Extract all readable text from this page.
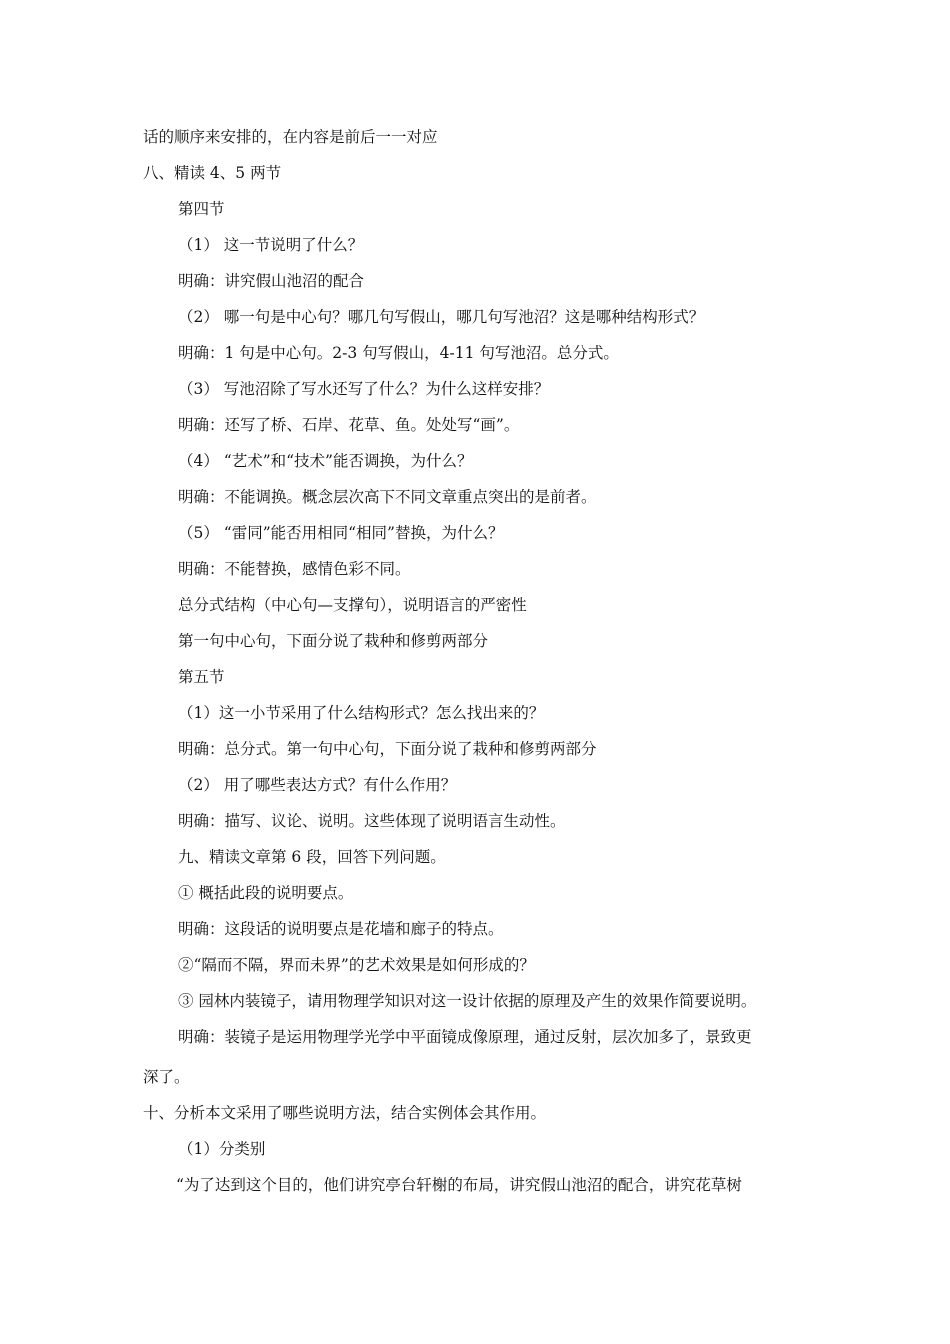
话的顺序来安排的，在内容是前后一一对应
八、精读 4、5 两节
第四节
（1） 这一节说明了什么？
明确：讲究假山池沼的配合
（2） 哪一句是中心句？哪几句写假山，哪几句写池沼？这是哪种结构形式？
明确：1 句是中心句。2-3 句写假山，4-11 句写池沼。总分式。
（3） 写池沼除了写水还写了什么？为什么这样安排？
明确：还写了桥、石岸、花草、鱼。处处写“画”。
（4） “艺术”和“技术”能否调换，为什么？
明确：不能调换。概念层次高下不同文章重点突出的是前者。
（5） “雷同”能否用相同“相同”替换，为什么？
明确：不能替换，感情色彩不同。
总分式结构（中心句—支撑句），说明语言的严密性
第一句中心句，下面分说了栽种和修剪两部分
第五节
（1）这一小节采用了什么结构形式？怎么找出来的？
明确：总分式。第一句中心句，下面分说了栽种和修剪两部分
（2） 用了哪些表达方式？有什么作用？
明确：描写、议论、说明。这些体现了说明语言生动性。
九、精读文章第 6 段，回答下列问题。
① 概括此段的说明要点。
明确：这段话的说明要点是花墙和廊子的特点。
②“隔而不隔，界而未界”的艺术效果是如何形成的？
③ 园林内装镜子，请用物理学知识对这一设计依据的原理及产生的效果作简要说明。
明确：装镜子是运用物理学光学中平面镜成像原理，通过反射，层次加多了，景致更
深了。
十、分析本文采用了哪些说明方法，结合实例体会其作用。
（1）分类别
“为了达到这个目的，他们讲究亭台轩榭的布局，讲究假山池沼的配合，讲究花草树
